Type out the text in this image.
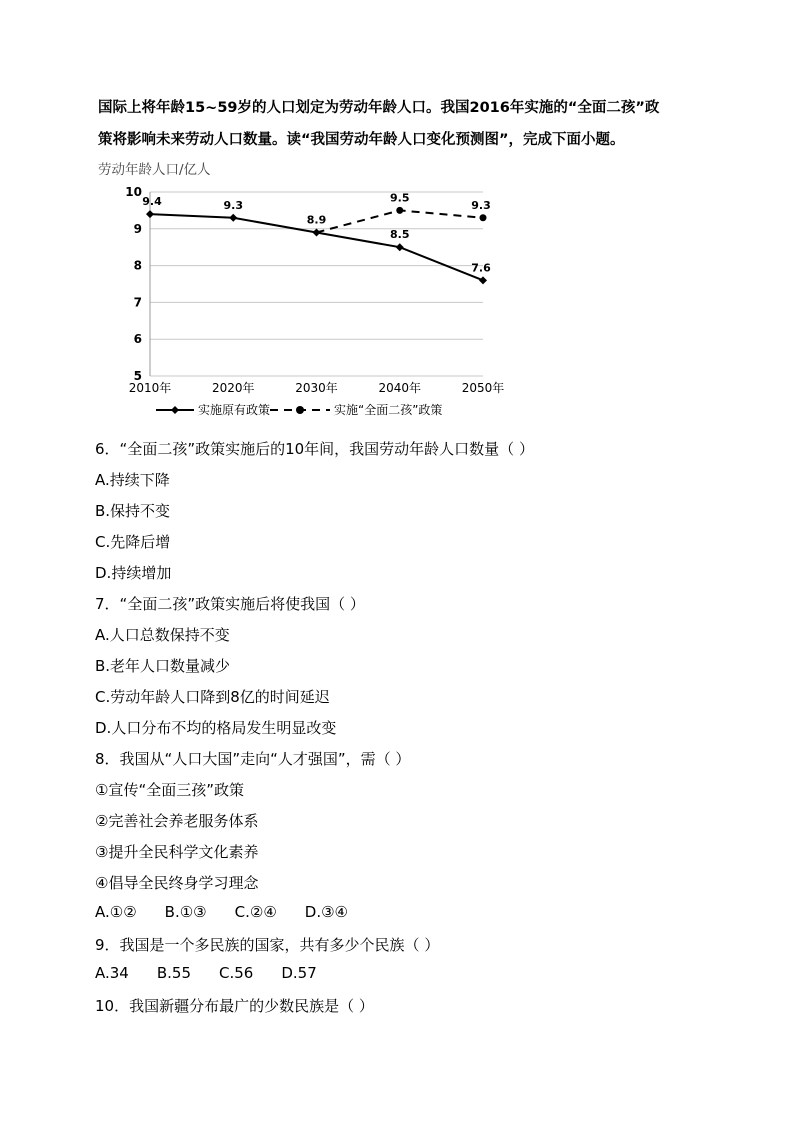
国际上将年龄15~59岁的人口划定为劳动年龄人口。我国2016年实施的“全面二孩”政

策将影响未来劳动人口数量。读“我国劳动年龄人口变化预测图”，完成下面小题。

劳动年龄人口/亿人
5
6
7
8
9
10
2010年	2020年	2030年	2040年	2050年
9.4	9.3
8.9
8.5
7.6
9.5
9.3
实施原有政策	实施“全面二孩”政策
6．“全面二孩”政策实施后的10年间，我国劳动年龄人口数量（ ）
A.持续下降
B.保持不变
C.先降后增
D.持续增加
7．“全面二孩”政策实施后将使我国（ ）
A.人口总数保持不变
B.老年人口数量减少
C.劳动年龄人口降到8亿的时间延迟
D.人口分布不均的格局发生明显改变
8．我国从“人口大国”走向“人才强国”，需（ ）
①宣传“全面三孩”政策
②完善社会养老服务体系
③提升全民科学文化素养
④倡导全民终身学习理念
A.①② B.①③ C.②④ D.③④
9．我国是一个多民族的国家，共有多少个民族（ ）
A.34 B.55 C.56 D.57
10．我国新疆分布最广的少数民族是（ ）
